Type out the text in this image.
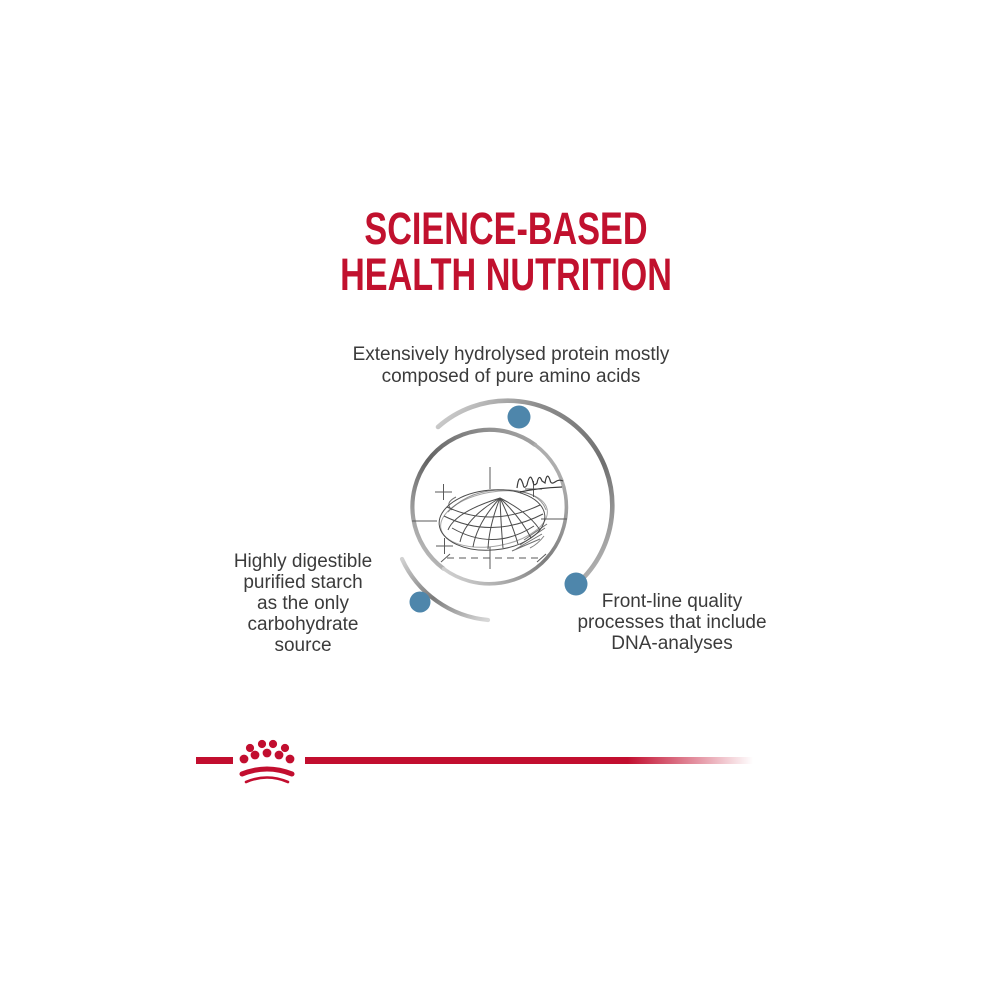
SCIENCE-BASED
HEALTH NUTRITION
Extensively hydrolysed protein mostly
composed of pure amino acids
Highly digestible
purified starch
as the only
carbohydrate
source
Front-line quality
processes that include
DNA-analyses
